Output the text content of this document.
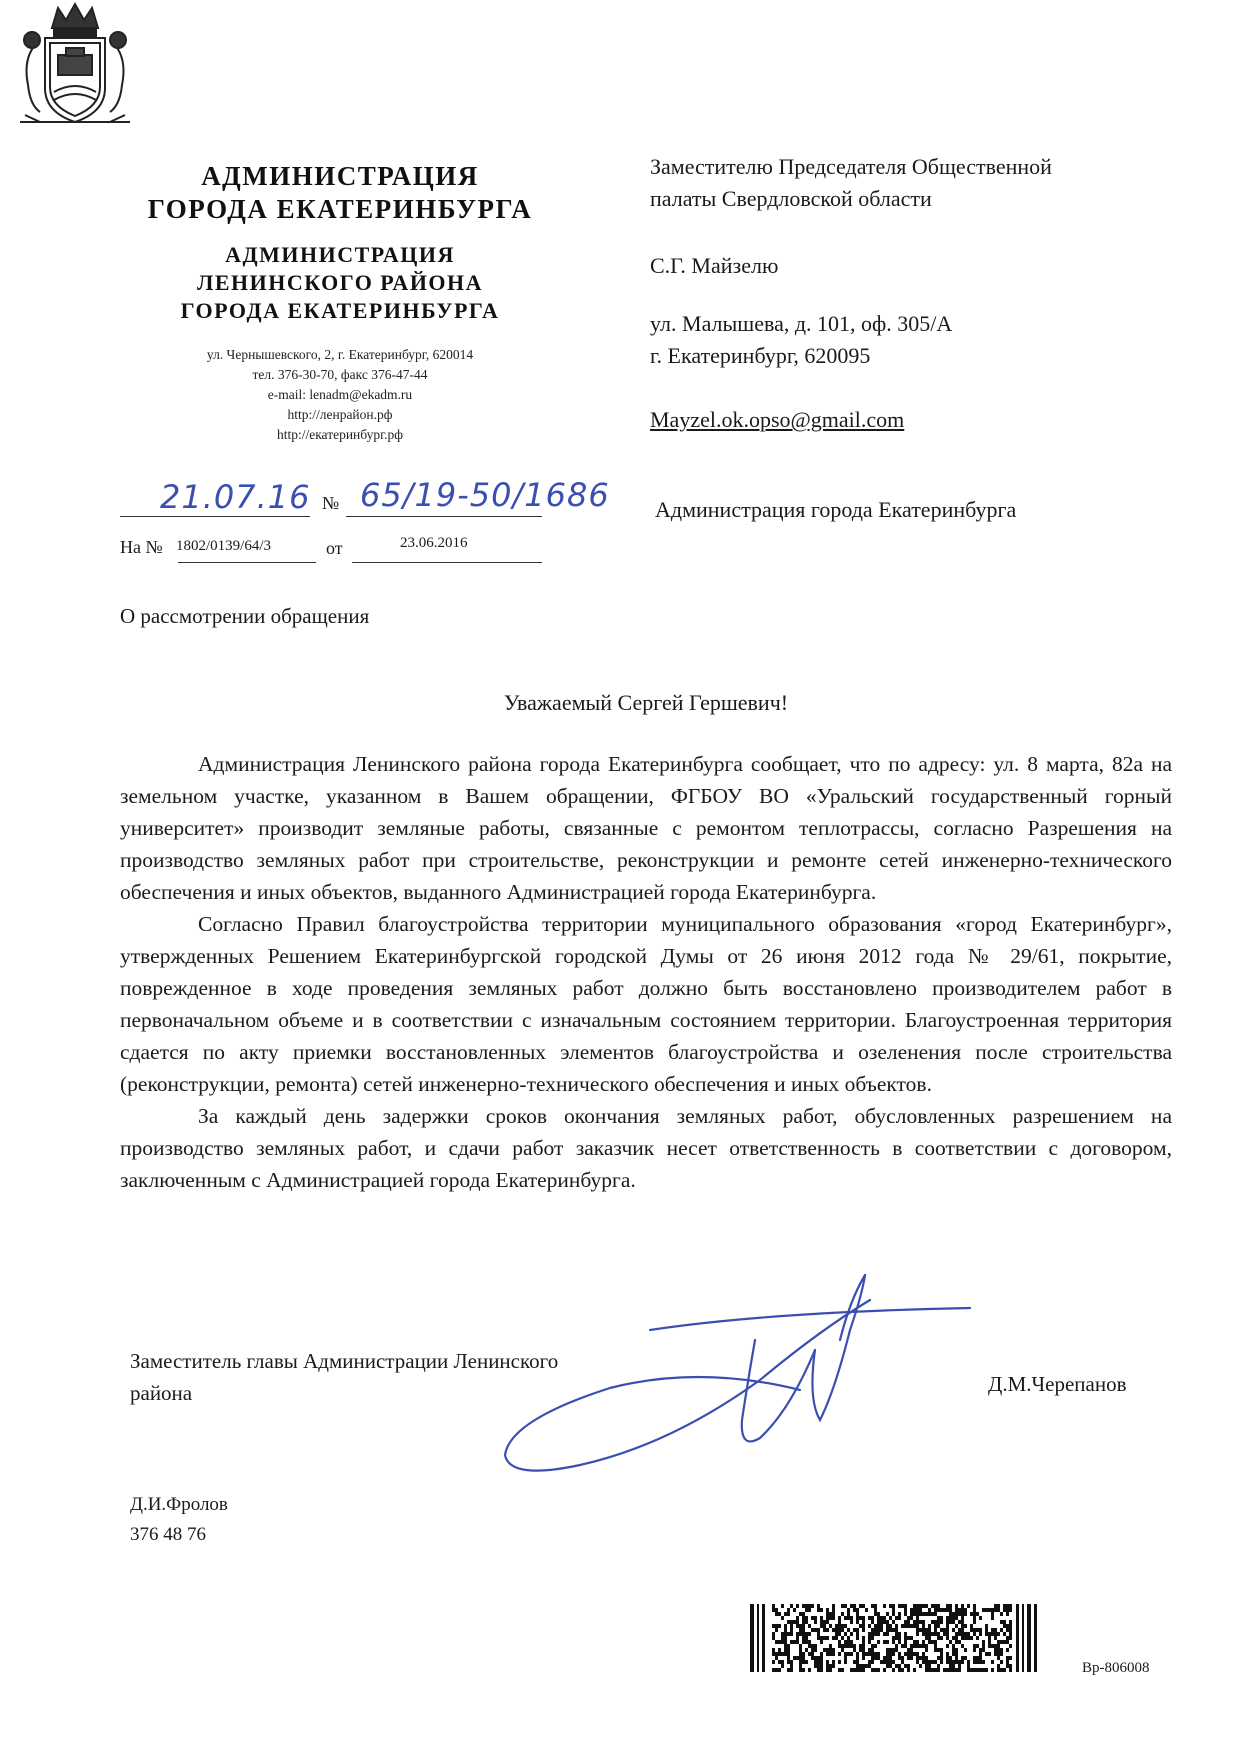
АДМИНИСТРАЦИЯ
ГОРОДА ЕКАТЕРИНБУРГА
АДМИНИСТРАЦИЯ
ЛЕНИНСКОГО РАЙОНА
ГОРОДА ЕКАТЕРИНБУРГА
ул. Чернышевского, 2, г. Екатеринбург, 620014
тел. 376-30-70, факс 376-47-44
e-mail: lenadm@ekadm.ru
http://ленрайон.рф
http://екатеринбург.рф
21.07.16 № 65/19-50/1686
На № 1802/0139/64/3	от	23.06.2016
О рассмотрении обращения
Заместителю Председателя Общественной
палаты Свердловской области
С.Г. Майзелю
ул. Малышева, д. 101, оф. 305/А
г. Екатеринбург, 620095
Mayzel.ok.opso@gmail.com
Администрация города Екатеринбурга
Уважаемый Сергей Гершевич!

Администрация Ленинского района города Екатеринбурга сообщает, что по адресу: ул. 8 марта, 82а на земельном участке, указанном в Вашем обращении, ФГБОУ ВО «Уральский государственный горный университет» производит земляные работы, связанные с ремонтом теплотрассы, согласно Разрешения на производство земляных работ при строительстве, реконструкции и ремонте сетей инженерно-технического обеспечения и иных объектов, выданного Администрацией города Екатеринбурга.

Согласно Правил благоустройства территории муниципального образования «город Екатеринбург», утвержденных Решением Екатеринбургской городской Думы от 26 июня 2012 года № 29/61, покрытие, поврежденное в ходе проведения земляных работ должно быть восстановлено производителем работ в первоначальном объеме и в соответствии с изначальным состоянием территории. Благоустроенная территория сдается по акту приемки восстановленных элементов благоустройства и озеленения после строительства (реконструкции, ремонта) сетей инженерно-технического обеспечения и иных объектов.

За каждый день задержки сроков окончания земляных работ, обусловленных разрешением на производство земляных работ, и сдачи работ заказчик несет ответственность в соответствии с договором, заключенным с Администрацией города Екатеринбурга.

Заместитель главы Администрации Ленинского
района	Д.М.Черепанов
Д.И.Фролов
376 48 76
Вр-806008
